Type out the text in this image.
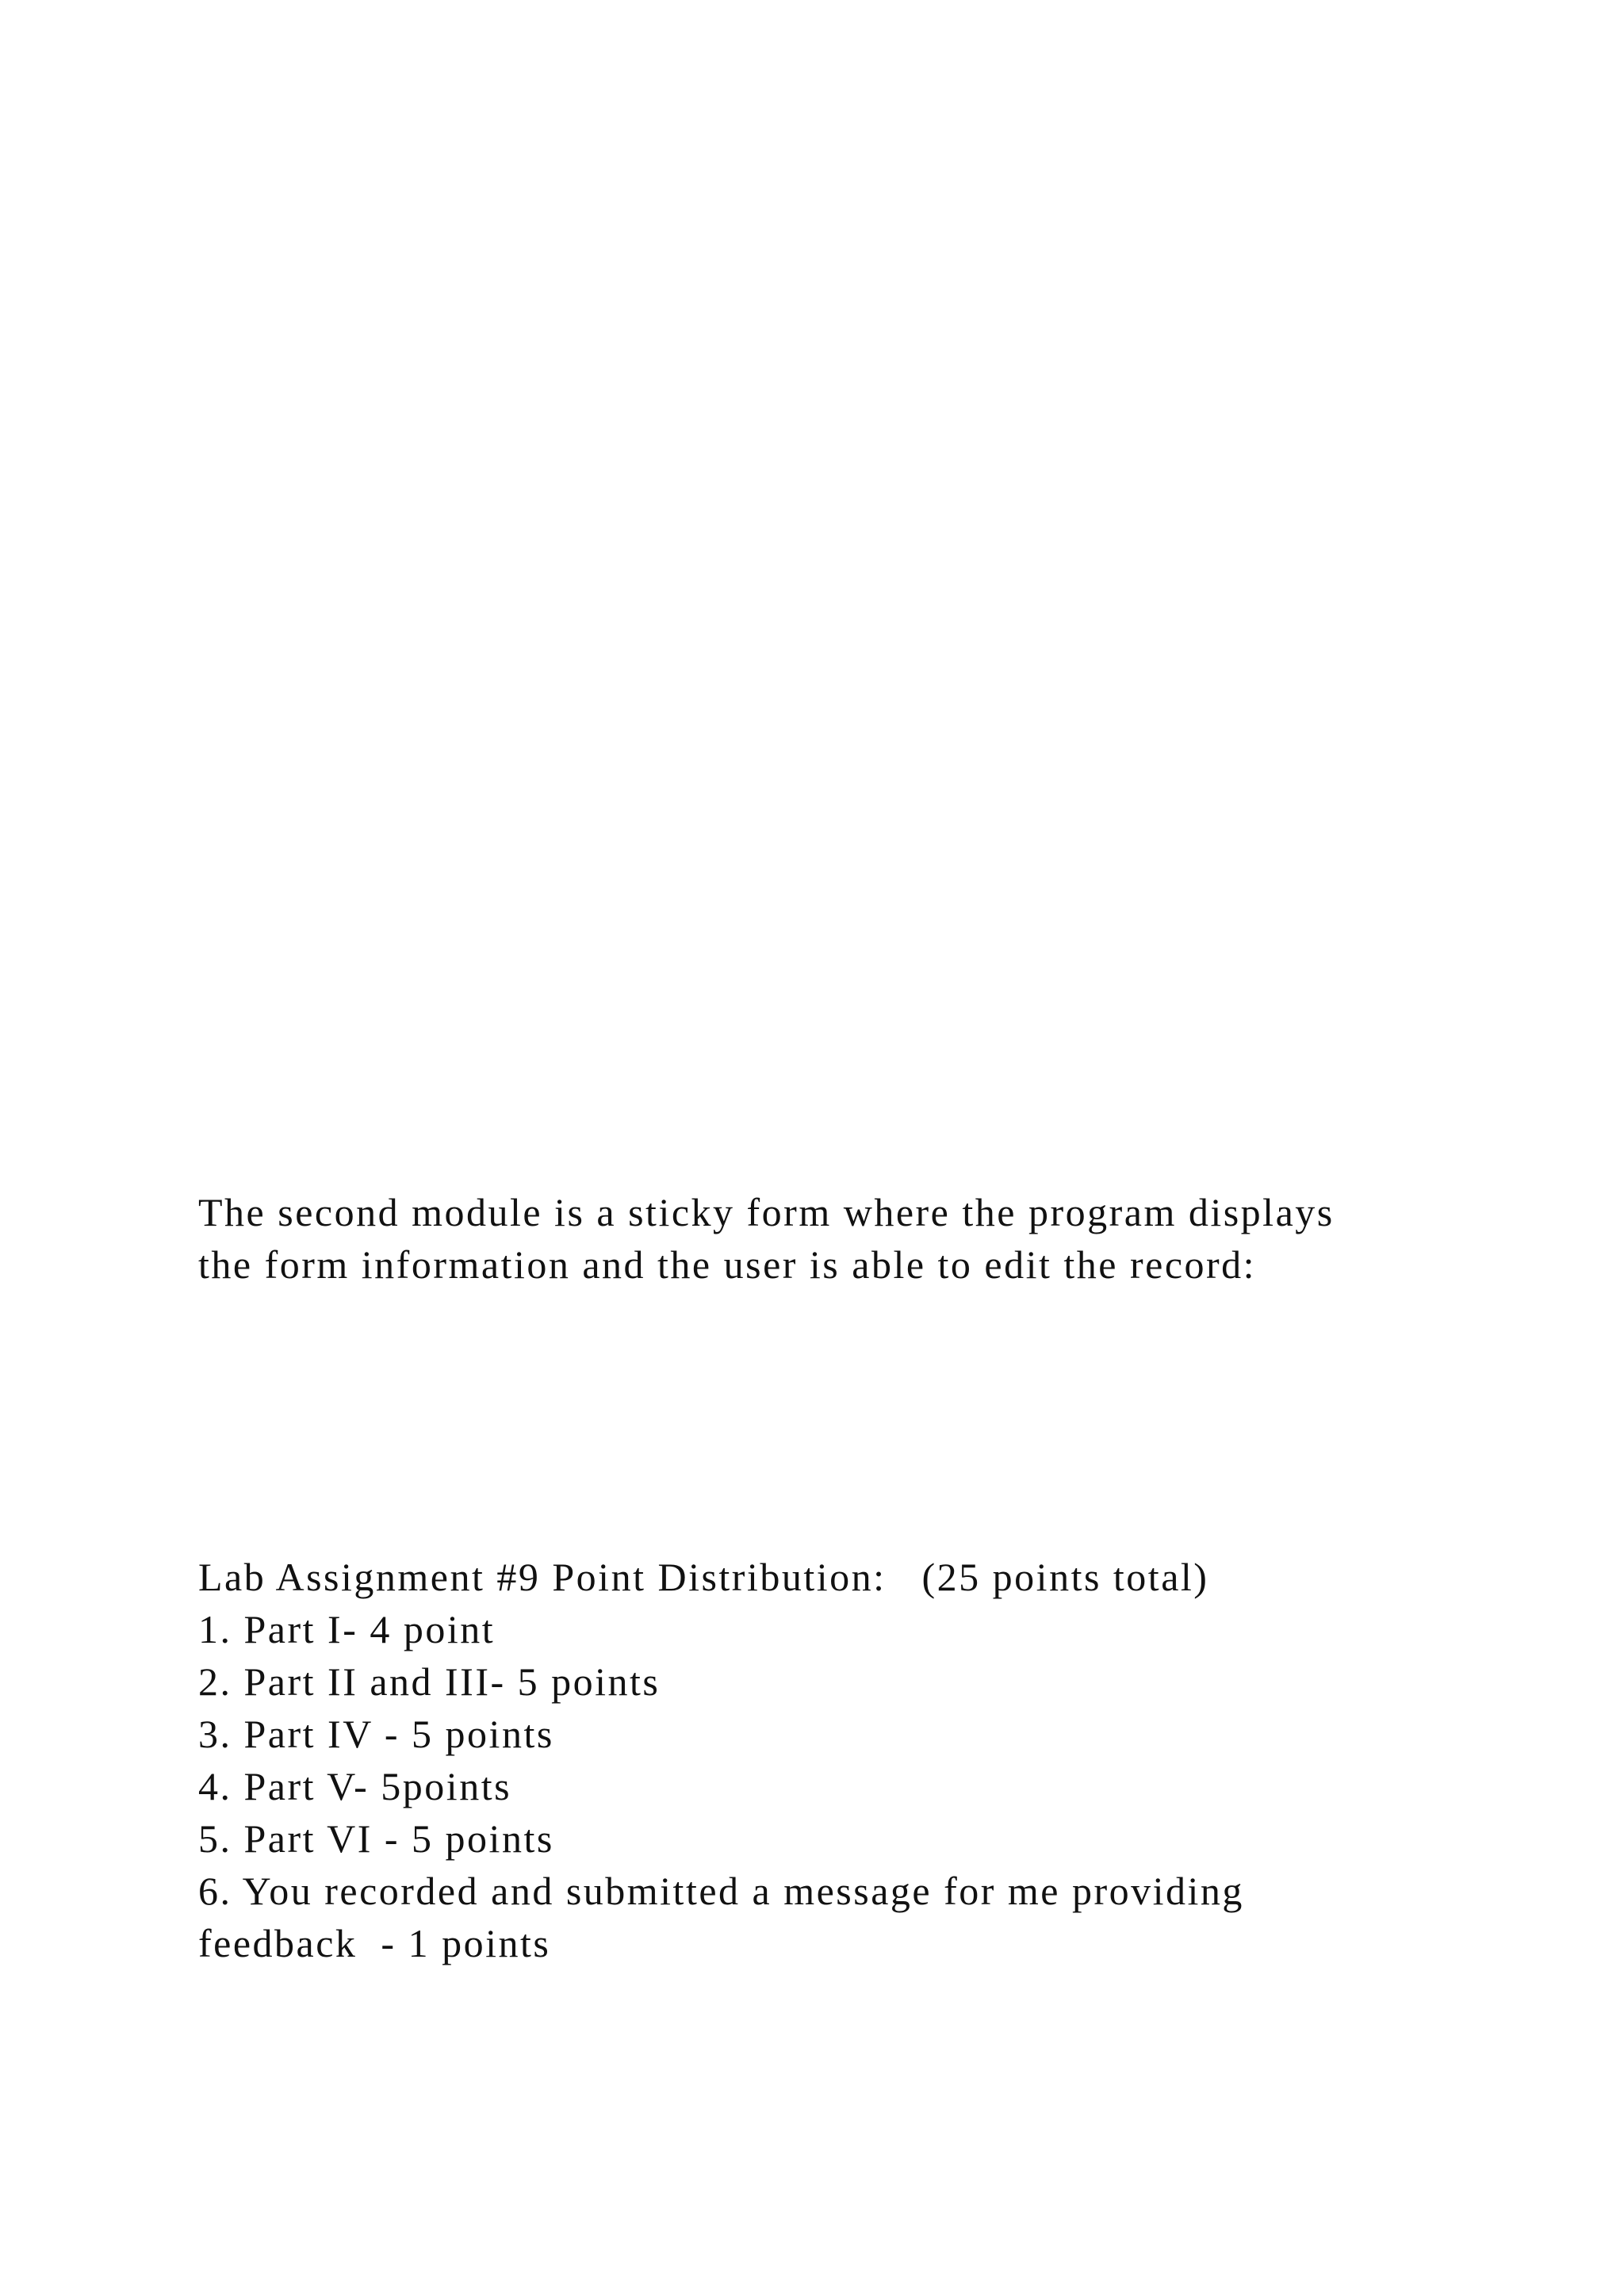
The second module is a sticky form where the program displays

the form information and the user is able to edit the record:

Lab Assignment #9 Point Distribution:   (25 points total)

1. Part I- 4 point

2. Part II and III- 5 points

3. Part IV - 5 points

4. Part V- 5points

5. Part VI - 5 points

6. You recorded and submitted a message for me providing

feedback  - 1 points
